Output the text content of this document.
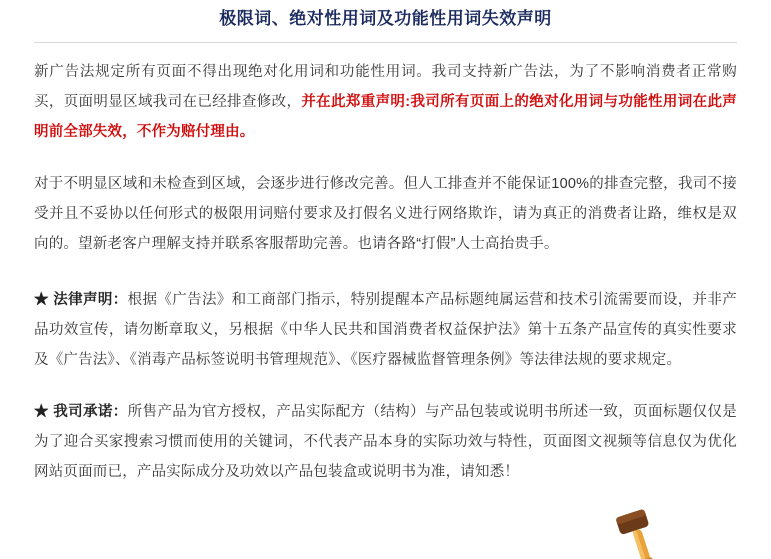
极限词、绝对性用词及功能性用词失效声明

新广告法规定所有页面不得出现绝对化用词和功能性用词。我司支持新广告法，为了不影响消费者正常购买，页面明显区域我司在已经排查修改，并在此郑重声明:我司所有页面上的绝对化用词与功能性用词在此声明前全部失效，不作为赔付理由。

对于不明显区域和未检查到区域，会逐步进行修改完善。但人工排查并不能保证100%的排查完整，我司不接受并且不妥协以任何形式的极限用词赔付要求及打假名义进行网络欺诈，请为真正的消费者让路，维权是双向的。望新老客户理解支持并联系客服帮助完善。也请各路“打假”人士高抬贵手。

★ 法律声明：根据《广告法》和工商部门指示，特别提醒本产品标题纯属运营和技术引流需要而设，并非产品功效宣传，请勿断章取义，另根据《中华人民共和国消费者权益保护法》第十五条产品宣传的真实性要求及《广告法》、《消毒产品标签说明书管理规范》、《医疗器械监督管理条例》等法律法规的要求规定。

★ 我司承诺：所售产品为官方授权，产品实际配方（结构）与产品包装或说明书所述一致，页面标题仅仅是为了迎合买家搜索习惯而使用的关键词，不代表产品本身的实际功效与特性，页面图文视频等信息仅为优化网站页面而已，产品实际成分及功效以产品包装盒或说明书为准，请知悉！
